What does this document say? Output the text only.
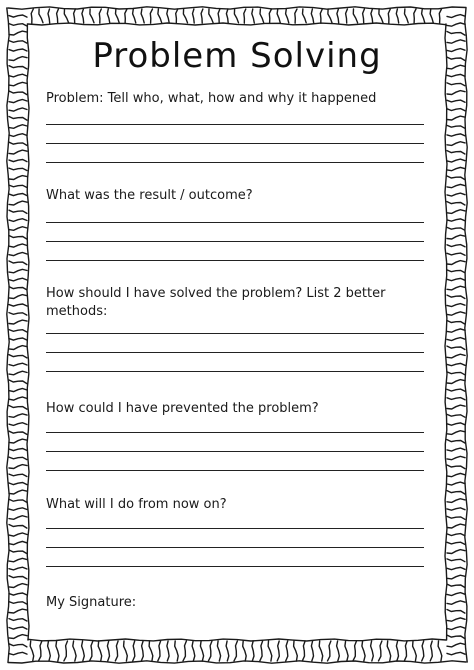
Problem Solving

Problem: Tell who, what, how and why it happened

What was the result / outcome?

How should I have solved the problem? List 2 better methods:

How could I have prevented the problem?

What will I do from now on?

My Signature:
